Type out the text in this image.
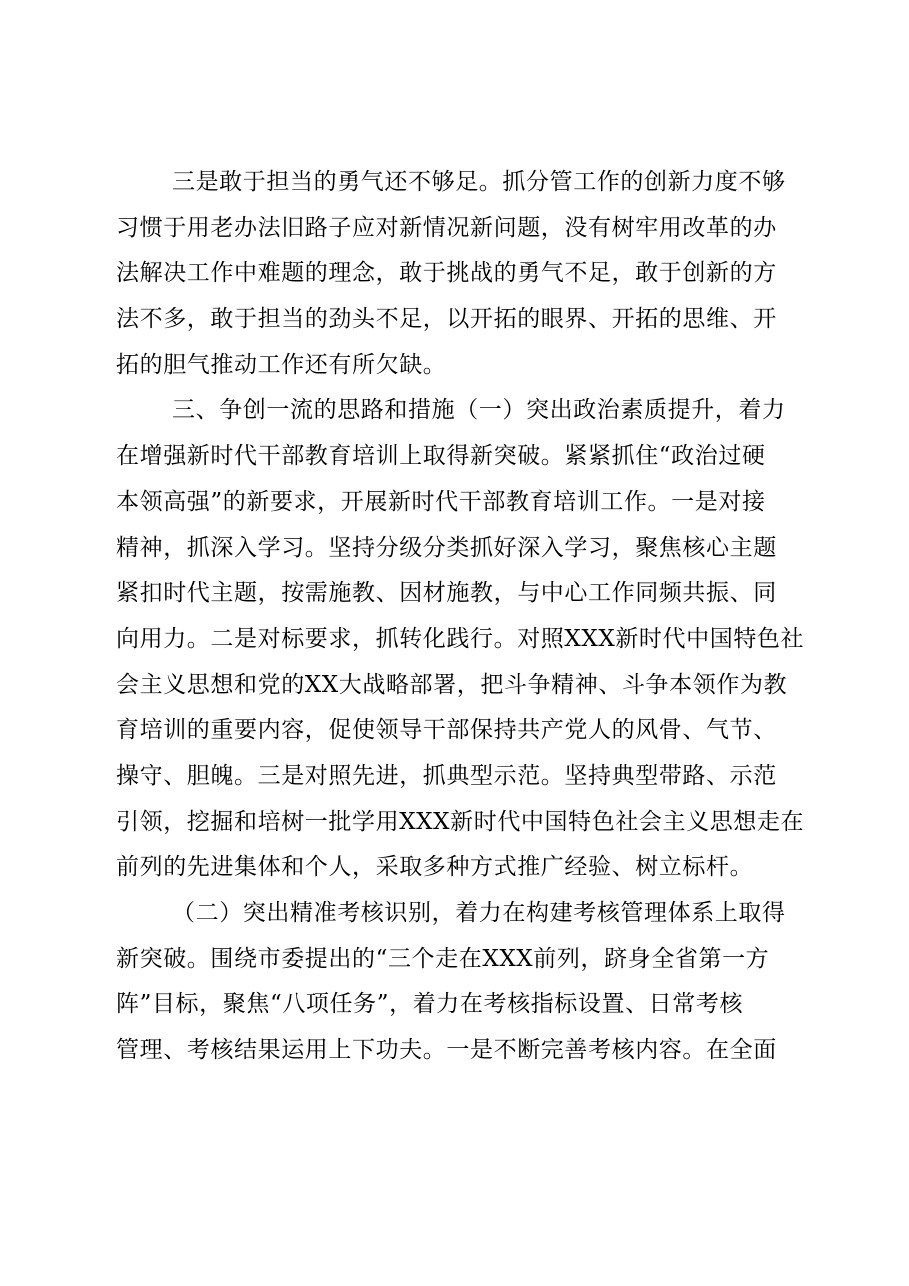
三是敢于担当的勇气还不够足。抓分管工作的创新力度不够
习惯于用老办法旧路子应对新情况新问题，没有树牢用改革的办
法解决工作中难题的理念，敢于挑战的勇气不足，敢于创新的方
法不多，敢于担当的劲头不足，以开拓的眼界、开拓的思维、开
拓的胆气推动工作还有所欠缺。
三、争创一流的思路和措施（一）突出政治素质提升，着力
在增强新时代干部教育培训上取得新突破。紧紧抓住“政治过硬
本领高强”的新要求，开展新时代干部教育培训工作。一是对接
精神，抓深入学习。坚持分级分类抓好深入学习，聚焦核心主题
紧扣时代主题，按需施教、因材施教，与中心工作同频共振、同
向用力。二是对标要求，抓转化践行。对照XXX新时代中国特色社
会主义思想和党的XX大战略部署，把斗争精神、斗争本领作为教
育培训的重要内容，促使领导干部保持共产党人的风骨、气节、
操守、胆魄。三是对照先进，抓典型示范。坚持典型带路、示范
引领，挖掘和培树一批学用XXX新时代中国特色社会主义思想走在
前列的先进集体和个人，采取多种方式推广经验、树立标杆。
（二）突出精准考核识别，着力在构建考核管理体系上取得
新突破。围绕市委提出的“三个走在XXX前列，跻身全省第一方
阵”目标，聚焦“八项任务”，着力在考核指标设置、日常考核
管理、考核结果运用上下功夫。一是不断完善考核内容。在全面
